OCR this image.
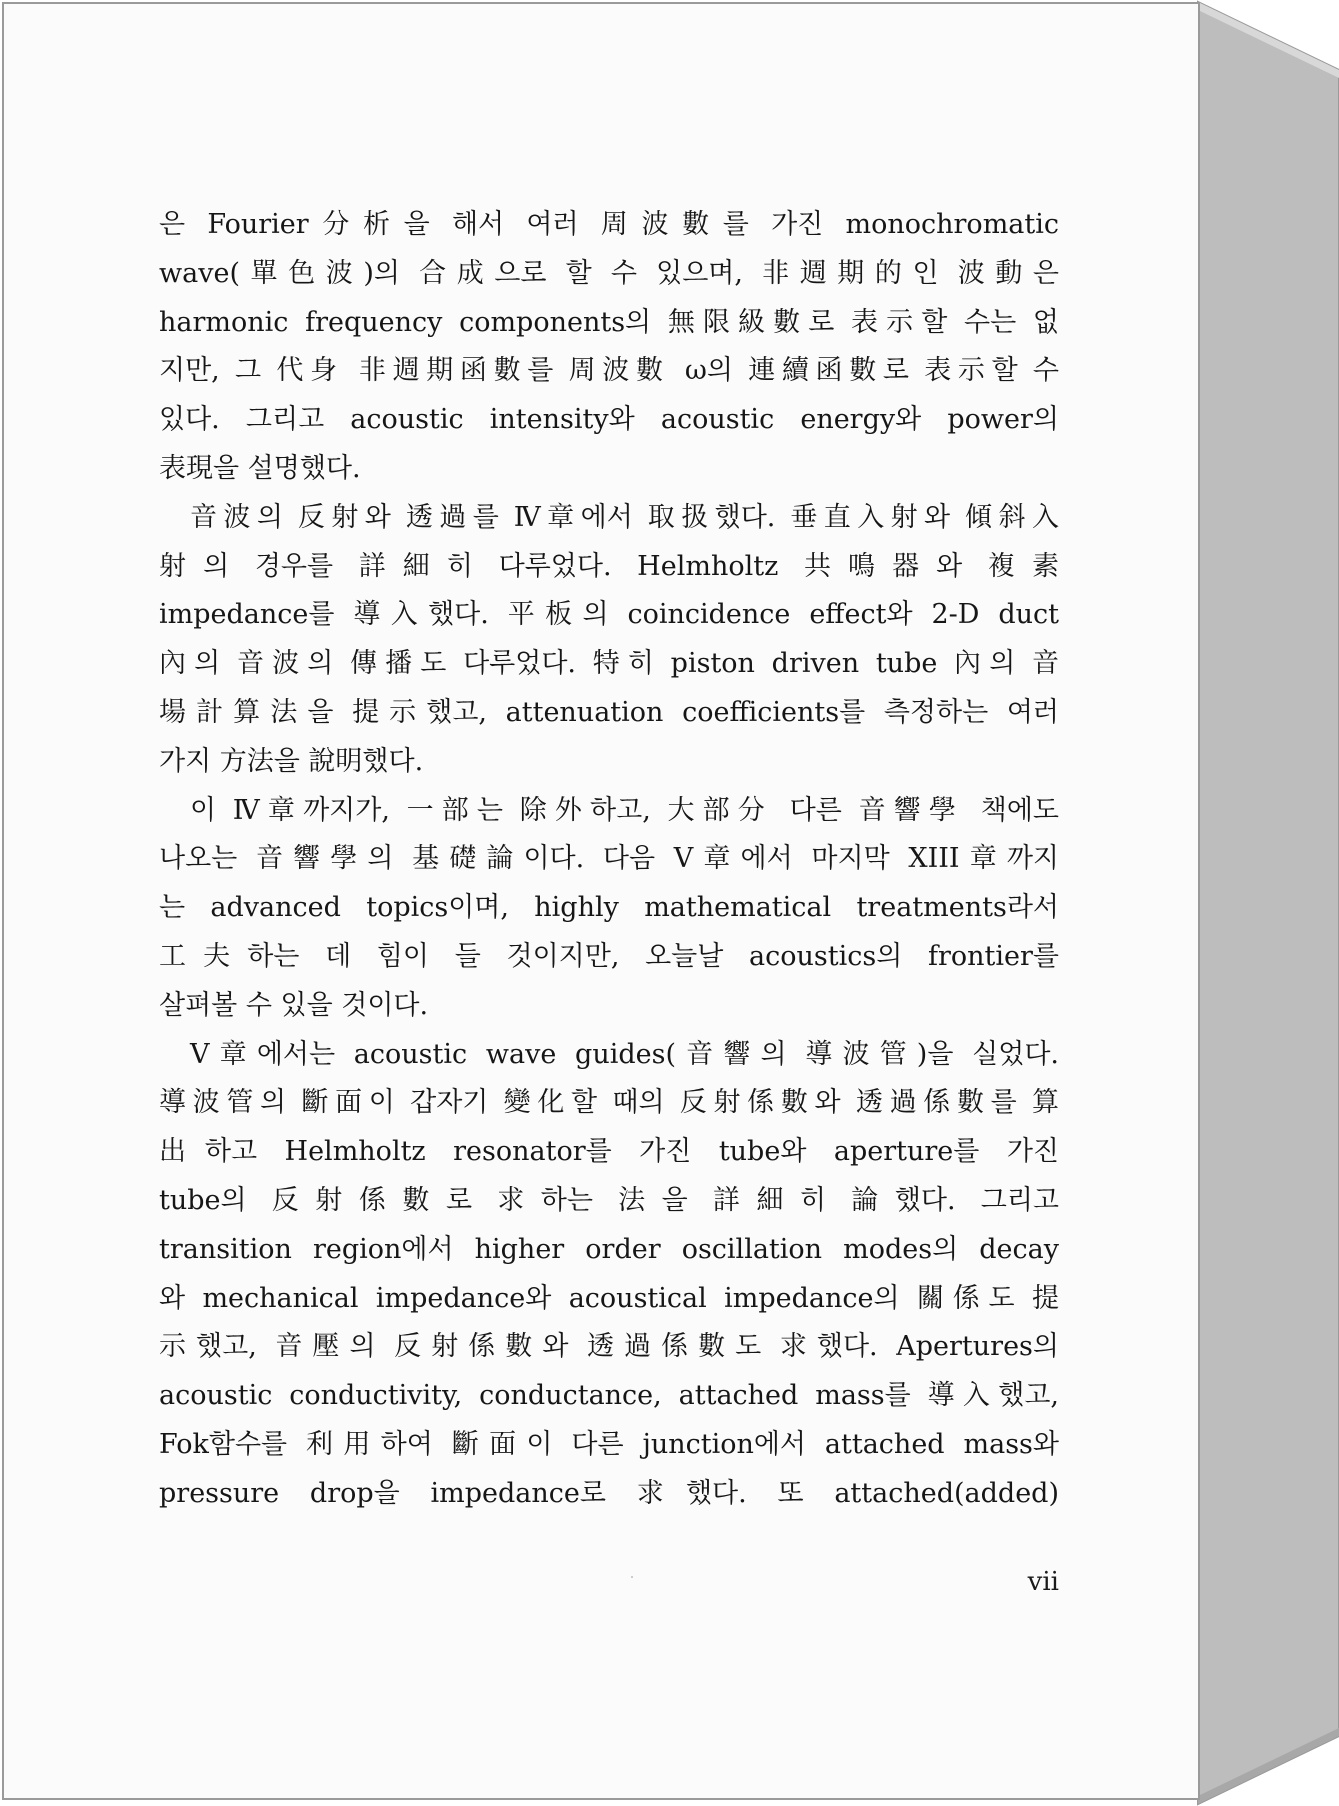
은 Fourier分析을 해서 여러 周波數를 가진 monochromatic
wave(單色波)의 合成으로 할 수 있으며, 非週期的인 波動은
harmonic frequency components의 無限級數로 表示할 수는 없
지만, 그 代身 非週期函數를 周波數 ω의 連續函數로 表示할 수
있다. 그리고 acoustic intensity와 acoustic energy와 power의
表現을 설명했다.
音波의 反射와 透過를 Ⅳ章에서 取扱했다. 垂直入射와 傾斜入
射의 경우를 詳細히 다루었다. Helmholtz 共鳴器와 複素
impedance를 導入했다. 平板의 coincidence effect와 2-D duct
內의 音波의 傳播도 다루었다. 特히 piston driven tube 內의 音
場計算法을 提示했고, attenuation coefficients를 측정하는 여러
가지 方法을 說明했다.
이 Ⅳ章까지가, 一部는 除外하고, 大部分 다른 音響學 책에도
나오는 音響學의 基礎論이다. 다음 Ⅴ章에서 마지막 XIII章까지
는 advanced topics이며, highly mathematical treatments라서
工夫하는 데 힘이 들 것이지만, 오늘날 acoustics의 frontier를
살펴볼 수 있을 것이다.
Ⅴ章에서는 acoustic wave guides(音響의 導波管)을 실었다.
導波管의 斷面이 갑자기 變化할 때의 反射係數와 透過係數를 算
出하고 Helmholtz resonator를 가진 tube와 aperture를 가진
tube의 反射係數로 求하는 法을 詳細히 論했다. 그리고
transition region에서 higher order oscillation modes의 decay
와 mechanical impedance와 acoustical impedance의 關係도 提
示했고, 音壓의 反射係數와 透過係數도 求했다. Apertures의
acoustic conductivity, conductance, attached mass를 導入했고,
Fok함수를 利用하여 斷面이 다른 junction에서 attached mass와
pressure drop을 impedance로 求했다. 또 attached(added)
vii
